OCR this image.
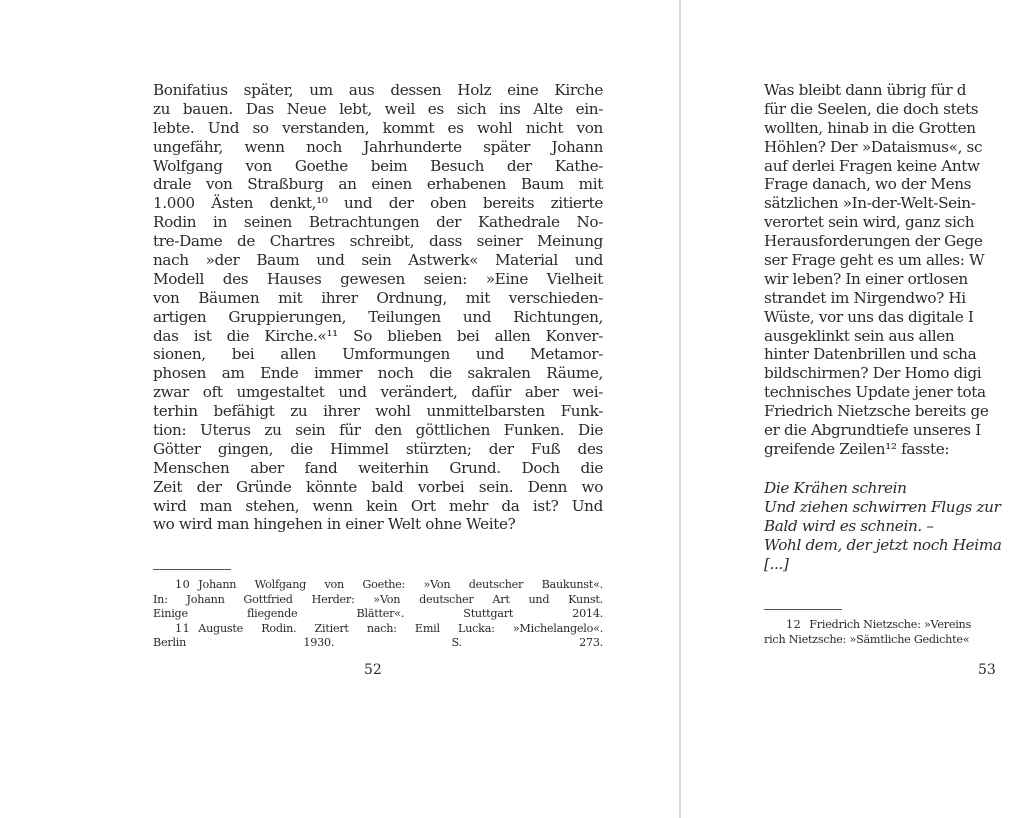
Bonifatius später, um aus dessen Holz eine Kirche
zu bauen. Das Neue lebt, weil es sich ins Alte ein-
lebte. Und so verstanden, kommt es wohl nicht von
ungefähr, wenn noch Jahrhunderte später Johann
Wolfgang von Goethe beim Besuch der Kathe-
drale von Straßburg an einen erhabenen Baum mit
1.000 Ästen denkt,¹⁰ und der oben bereits zitierte
Rodin in seinen Betrachtungen der Kathedrale No-
tre-Dame de Chartres schreibt, dass seiner Meinung
nach »der Baum und sein Astwerk« Material und
Modell des Hauses gewesen seien: »Eine Vielheit
von Bäumen mit ihrer Ordnung, mit verschieden-
artigen Gruppierungen, Teilungen und Richtungen,
das ist die Kirche.«¹¹ So blieben bei allen Konver-
sionen, bei allen Umformungen und Metamor-
phosen am Ende immer noch die sakralen Räume,
zwar oft umgestaltet und verändert, dafür aber wei-
terhin befähigt zu ihrer wohl unmittelbarsten Funk-
tion: Uterus zu sein für den göttlichen Funken. Die
Götter gingen, die Himmel stürzten; der Fuß des
Menschen aber fand weiterhin Grund. Doch die
Zeit der Gründe könnte bald vorbei sein. Denn wo
wird man stehen, wenn kein Ort mehr da ist? Und
wo wird man hingehen in einer Welt ohne Weite?
10 Johann Wolfgang von Goethe: »Von deutscher Baukunst«.
In: Johann Gottfried Herder: »Von deutscher Art und Kunst.
Einige fliegende Blätter«. Stuttgart 2014.
11 Auguste Rodin. Zitiert nach: Emil Lucka: »Michelangelo«.
Berlin 1930. S. 273.
52
Was bleibt dann übrig für d
für die Seelen, die doch stets
wollten, hinab in die Grotten
Höhlen? Der »Dataismus«, sc
auf derlei Fragen keine Antw
Frage danach, wo der Mens
sätzlichen »In-der-Welt-Sein-
verortet sein wird, ganz sich
Herausforderungen der Gege
ser Frage geht es um alles: W
wir leben? In einer ortlosen
strandet im Nirgendwo? Hi
Wüste, vor uns das digitale I
ausgeklinkt sein aus allen
hinter Datenbrillen und scha
bildschirmen? Der Homo digi
technisches Update jener tota
Friedrich Nietzsche bereits ge
er die Abgrundtiefe unseres I
greifende Zeilen¹² fasste:
Die Krähen schrein
Und ziehen schwirren Flugs zur
Bald wird es schnein. –
Wohl dem, der jetzt noch Heima
[...]
12 Friedrich Nietzsche: »Vereins
rich Nietzsche: »Sämtliche Gedichte«
53
